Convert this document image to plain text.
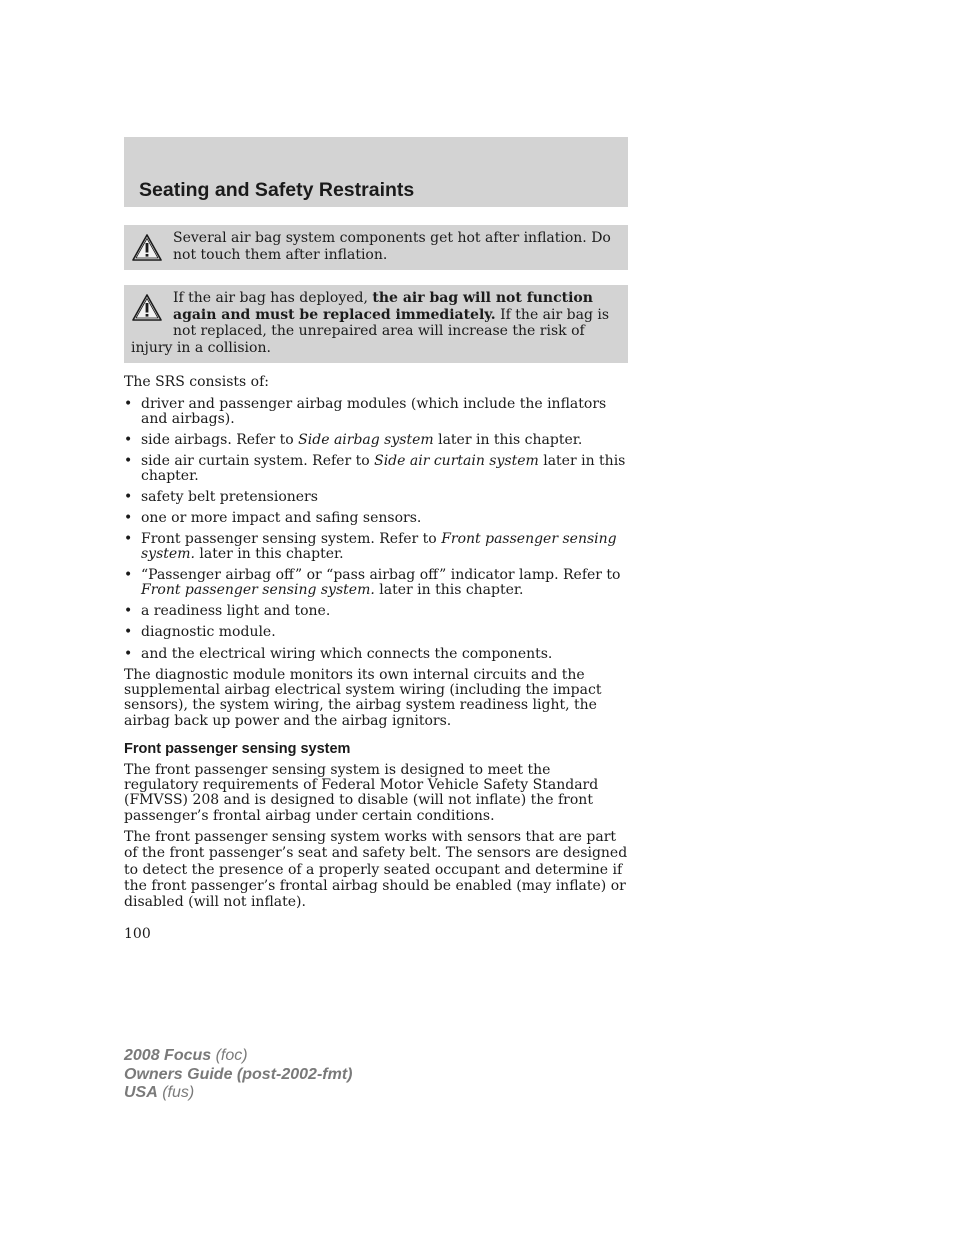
Seating and Safety Restraints

Several air bag system components get hot after inflation. Do not touch them after inflation.

If the air bag has deployed, the air bag will not function again and must be replaced immediately. If the air bag is not replaced, the unrepaired area will increase the risk of injury in a collision.

The SRS consists of:

• driver and passenger airbag modules (which include the inflators and airbags).
• side airbags. Refer to Side airbag system later in this chapter.
• side air curtain system. Refer to Side air curtain system later in this chapter.
• safety belt pretensioners
• one or more impact and safing sensors.
• Front passenger sensing system. Refer to Front passenger sensing system. later in this chapter.
• “Passenger airbag off” or “pass airbag off” indicator lamp. Refer to Front passenger sensing system. later in this chapter.
• a readiness light and tone.
• diagnostic module.
• and the electrical wiring which connects the components.

The diagnostic module monitors its own internal circuits and the supplemental airbag electrical system wiring (including the impact sensors), the system wiring, the airbag system readiness light, the airbag back up power and the airbag ignitors.

Front passenger sensing system

The front passenger sensing system is designed to meet the regulatory requirements of Federal Motor Vehicle Safety Standard (FMVSS) 208 and is designed to disable (will not inflate) the front passenger’s frontal airbag under certain conditions.

The front passenger sensing system works with sensors that are part of the front passenger’s seat and safety belt. The sensors are designed to detect the presence of a properly seated occupant and determine if the front passenger’s frontal airbag should be enabled (may inflate) or disabled (will not inflate).

100
2008 Focus (foc)
Owners Guide (post-2002-fmt)
USA (fus)
